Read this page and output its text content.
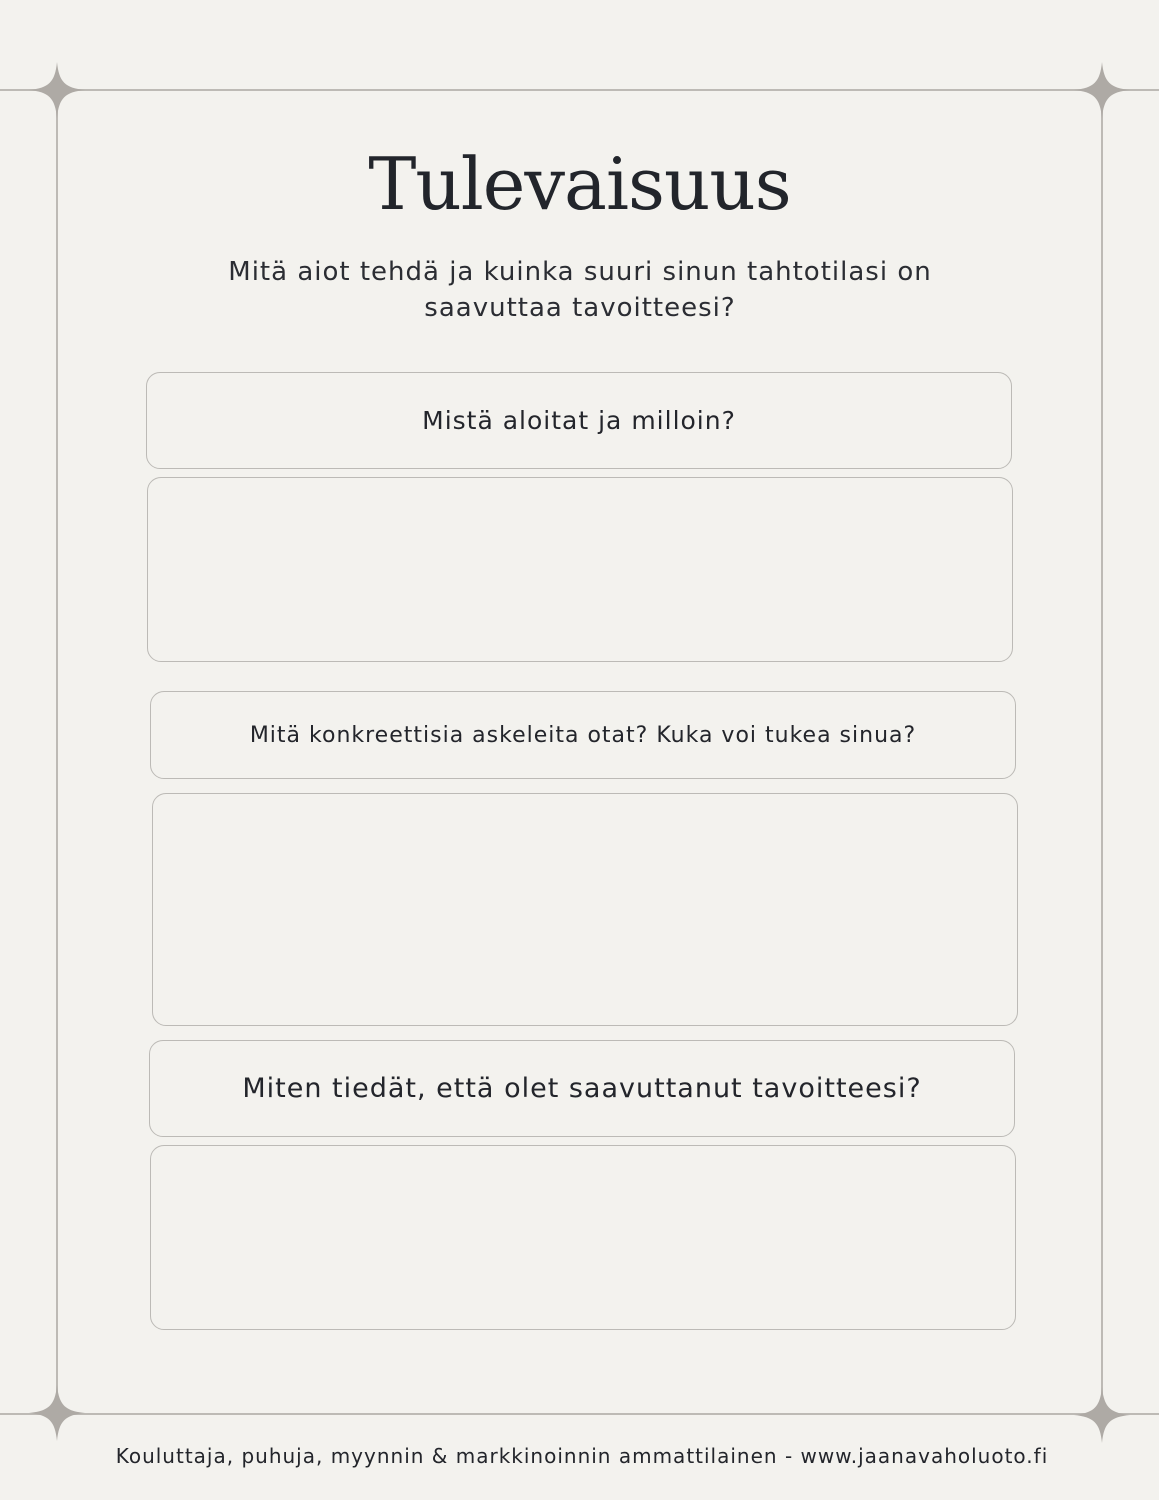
Tulevaisuus
Mitä aiot tehdä ja kuinka suuri sinun tahtotilasi on saavuttaa tavoitteesi?
Mistä aloitat ja milloin?
Mitä konkreettisia askeleita otat? Kuka voi tukea sinua?
Miten tiedät, että olet saavuttanut tavoitteesi?
Kouluttaja, puhuja, myynnin & markkinoinnin ammattilainen - www.jaanavaholuoto.fi
